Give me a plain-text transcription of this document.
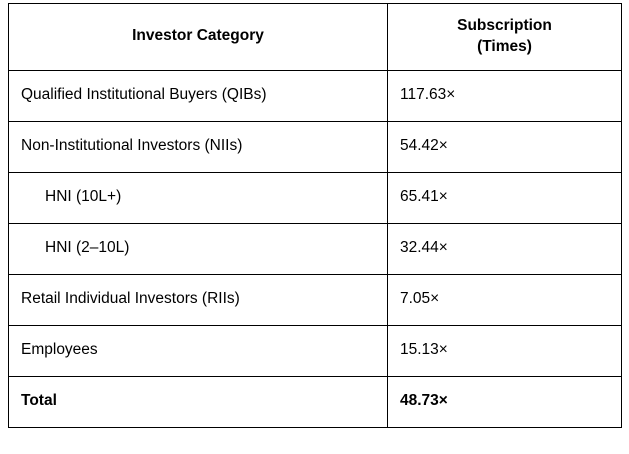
Investor Category	Subscription
(Times)

Qualified Institutional Buyers (QIBs)	117.63×
Non-Institutional Investors (NIIs)	54.42×
HNI (10L+)	65.41×
HNI (2–10L)	32.44×
Retail Individual Investors (RIIs)	7.05×
Employees	15.13×
Total	48.73×
